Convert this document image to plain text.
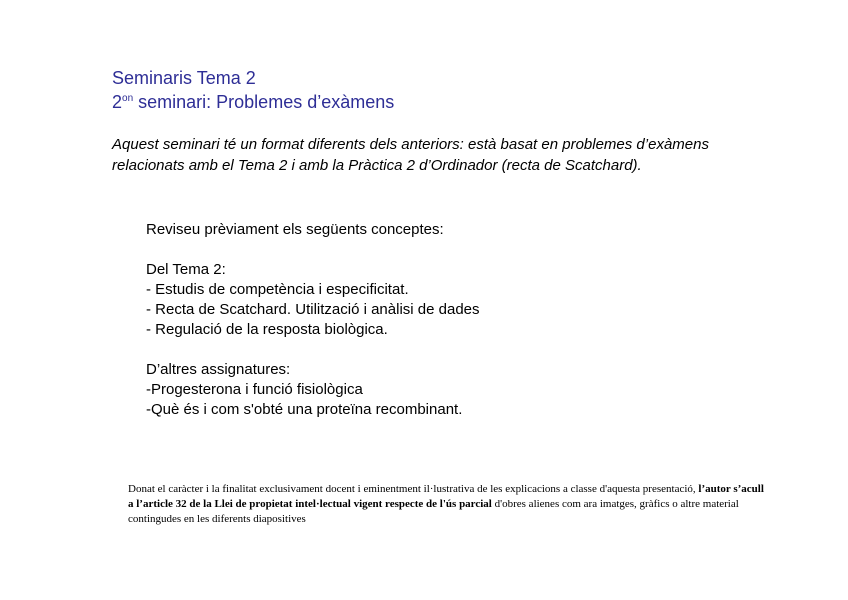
Seminaris Tema 2
$2^{on}$ seminari: Problemes d’exàmens
Aquest seminari té un format diferents dels anteriors: està basat en problemes d’exàmens relacionats amb el Tema 2 i amb la Pràctica 2 d’Ordinador (recta de Scatchard).
Reviseu prèviament els següents conceptes:
Del Tema 2:
- Estudis de competència i especificitat.
- Recta de Scatchard. Utilització i anàlisi de dades
- Regulació de la resposta biològica.
D’altres assignatures:
-Progesterona i funció fisiològica
-Què és i com s'obté una proteïna recombinant.
Donat el caràcter i la finalitat exclusivament docent i eminentment il·lustrativa de les explicacions a classe d'aquesta presentació, l’autor s’acull a l’article 32 de la Llei de propietat intel·lectual vigent respecte de l'ús parcial d'obres alienes com ara imatges, gràfics o altre material contingudes en les diferents diapositives
